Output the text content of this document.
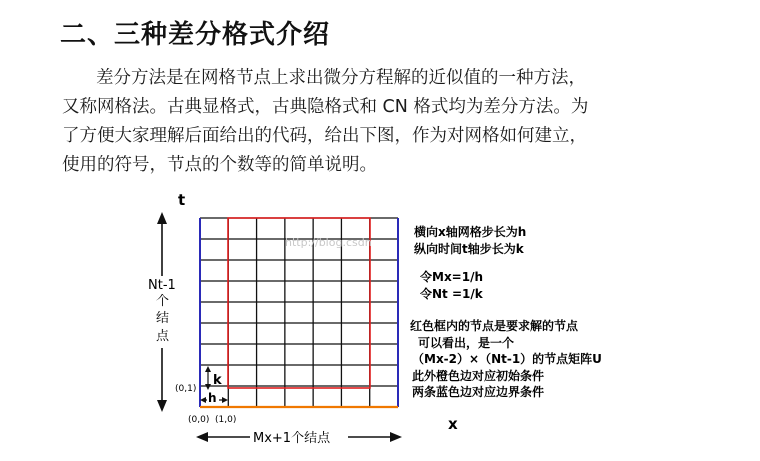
二、三种差分格式介绍
差分方法是在网格节点上求出微分方程解的近似值的一种方法，
又称网格法。古典显格式，古典隐格式和 CN 格式均为差分方法。为
了方便大家理解后面给出的代码，给出下图，作为对网格如何建立，
使用的符号，节点的个数等的简单说明。
http://blog.csdn
t
x
Nt-1
个
结
点
k
h
(0,1)
(0,0) (1,0)
Mx+1个结点
横向x轴网格步长为h
纵向时间t轴步长为k
令Mx=1/h
令Nt =1/k
红色框内的节点是要求解的节点
可以看出，是一个
（Mx-2）×（Nt-1）的节点矩阵U
此外橙色边对应初始条件
两条蓝色边对应边界条件
